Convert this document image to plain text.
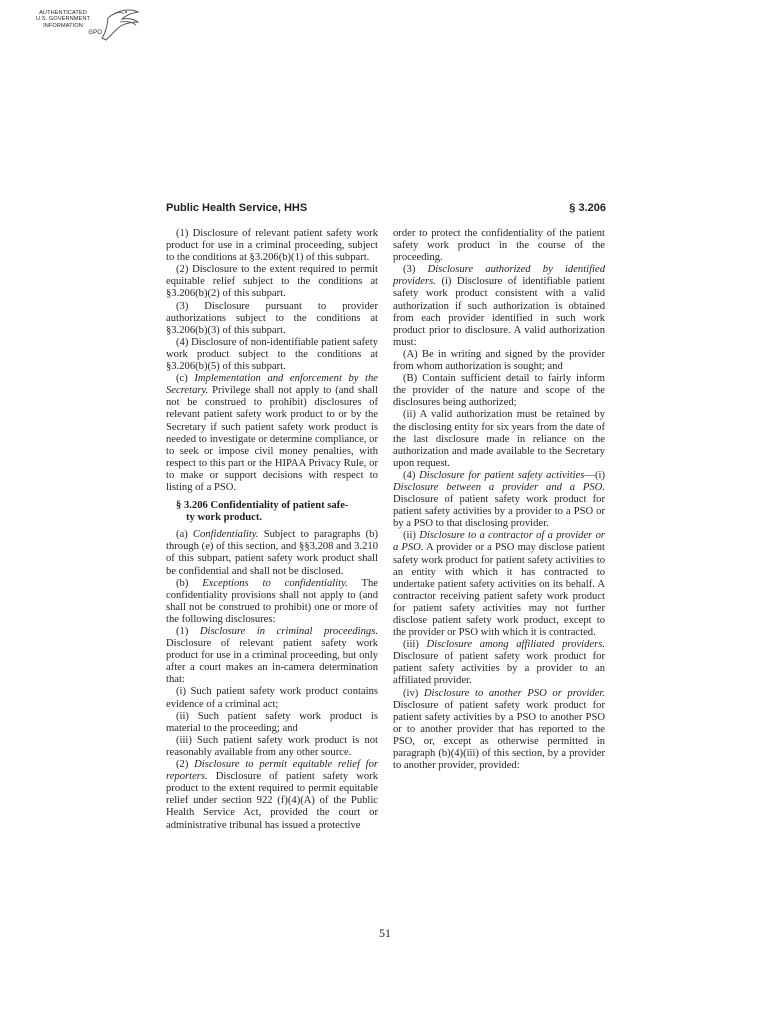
AUTHENTICATED
U.S. GOVERNMENT
INFORMATION
GPO
Public Health Service, HHS	§ 3.206

(1) Disclosure of relevant patient safety work product for use in a criminal proceeding, subject to the conditions at §3.206(b)(1) of this subpart.

(2) Disclosure to the extent required to permit equitable relief subject to the conditions at §3.206(b)(2) of this subpart.

(3) Disclosure pursuant to provider authorizations subject to the conditions at §3.206(b)(3) of this subpart.

(4) Disclosure of non-identifiable patient safety work product subject to the conditions at §3.206(b)(5) of this subpart.

(c) Implementation and enforcement by the Secretary. Privilege shall not apply to (and shall not be construed to prohibit) disclosures of relevant patient safety work product to or by the Secretary if such patient safety work product is needed to investigate or determine compliance, or to seek or impose civil money penalties, with respect to this part or the HIPAA Privacy Rule, or to make or support decisions with respect to listing of a PSO.

§ 3.206 Confidentiality of patient safe-
ty work product.

(a) Confidentiality. Subject to paragraphs (b) through (e) of this section, and §§3.208 and 3.210 of this subpart, patient safety work product shall be confidential and shall not be disclosed.

(b) Exceptions to confidentiality. The confidentiality provisions shall not apply to (and shall not be construed to prohibit) one or more of the following disclosures:

(1) Disclosure in criminal proceedings. Disclosure of relevant patient safety work product for use in a criminal proceeding, but only after a court makes an in-camera determination that:

(i) Such patient safety work product contains evidence of a criminal act;

(ii) Such patient safety work product is material to the proceeding; and

(iii) Such patient safety work product is not reasonably available from any other source.

(2) Disclosure to permit equitable relief for reporters. Disclosure of patient safety work product to the extent required to permit equitable relief under section 922 (f)(4)(A) of the Public Health Service Act, provided the court or administrative tribunal has issued a protective

order to protect the confidentiality of the patient safety work product in the course of the proceeding.

(3) Disclosure authorized by identified providers. (i) Disclosure of identifiable patient safety work product consistent with a valid authorization if such authorization is obtained from each provider identified in such work product prior to disclosure. A valid authorization must:

(A) Be in writing and signed by the provider from whom authorization is sought; and

(B) Contain sufficient detail to fairly inform the provider of the nature and scope of the disclosures being authorized;

(ii) A valid authorization must be retained by the disclosing entity for six years from the date of the last disclosure made in reliance on the authorization and made available to the Secretary upon request.

(4) Disclosure for patient safety activities—(i) Disclosure between a provider and a PSO. Disclosure of patient safety work product for patient safety activities by a provider to a PSO or by a PSO to that disclosing provider.

(ii) Disclosure to a contractor of a provider or a PSO. A provider or a PSO may disclose patient safety work product for patient safety activities to an entity with which it has contracted to undertake patient safety activities on its behalf. A contractor receiving patient safety work product for patient safety activities may not further disclose patient safety work product, except to the provider or PSO with which it is contracted.

(iii) Disclosure among affiliated providers. Disclosure of patient safety work product for patient safety activities by a provider to an affiliated provider.

(iv) Disclosure to another PSO or provider. Disclosure of patient safety work product for patient safety activities by a PSO to another PSO or to another provider that has reported to the PSO, or, except as otherwise permitted in paragraph (b)(4)(iii) of this section, by a provider to another provider, provided:

51
